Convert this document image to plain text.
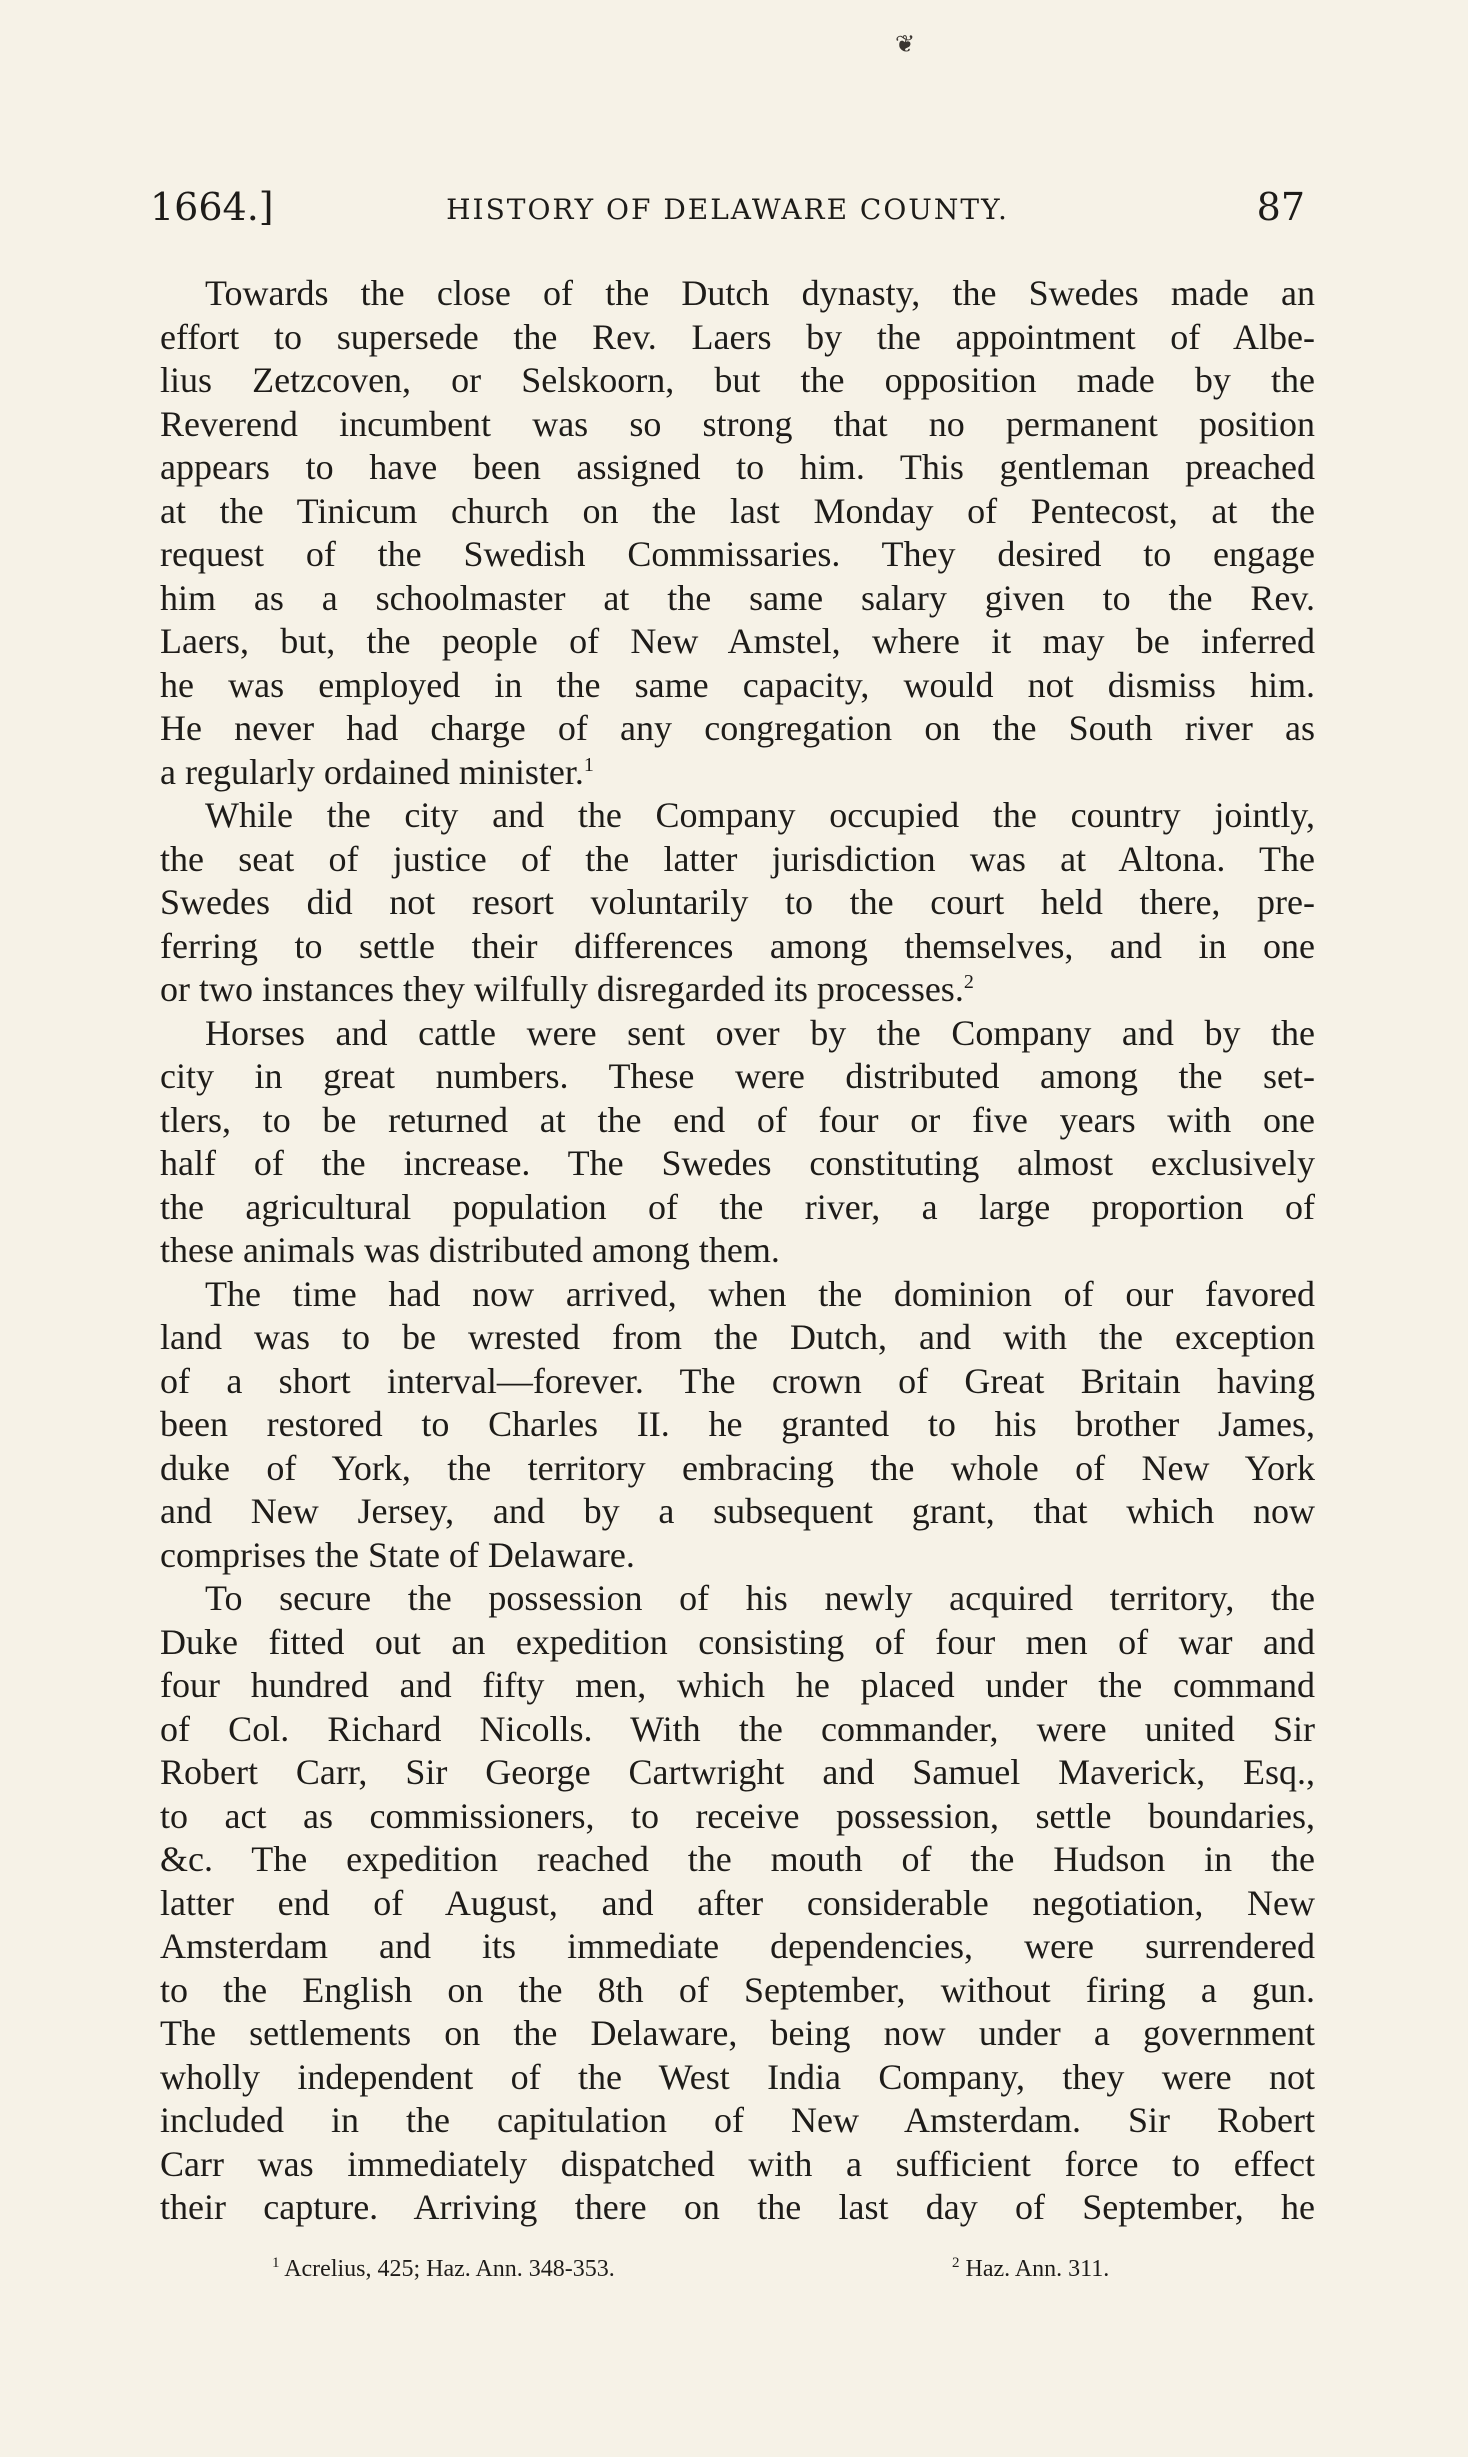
❦
1664.]	HISTORY OF DELAWARE COUNTY.	87
Towards the close of the Dutch dynasty, the Swedes made an
effort to supersede the Rev. Laers by the appointment of Albe-
lius Zetzcoven, or Selskoorn, but the opposition made by the
Reverend incumbent was so strong that no permanent position
appears to have been assigned to him. This gentleman preached
at the Tinicum church on the last Monday of Pentecost, at the
request of the Swedish Commissaries. They desired to engage
him as a schoolmaster at the same salary given to the Rev.
Laers, but, the people of New Amstel, where it may be inferred
he was employed in the same capacity, would not dismiss him.
He never had charge of any congregation on the South river as
a regularly ordained minister.$^1$
While the city and the Company occupied the country jointly,
the seat of justice of the latter jurisdiction was at Altona. The
Swedes did not resort voluntarily to the court held there, pre-
ferring to settle their differences among themselves, and in one
or two instances they wilfully disregarded its processes.$^2$
Horses and cattle were sent over by the Company and by the
city in great numbers. These were distributed among the set-
tlers, to be returned at the end of four or five years with one
half of the increase. The Swedes constituting almost exclusively
the agricultural population of the river, a large proportion of
these animals was distributed among them.
The time had now arrived, when the dominion of our favored
land was to be wrested from the Dutch, and with the exception
of a short interval—forever. The crown of Great Britain having
been restored to Charles II. he granted to his brother James,
duke of York, the territory embracing the whole of New York
and New Jersey, and by a subsequent grant, that which now
comprises the State of Delaware.
To secure the possession of his newly acquired territory, the
Duke fitted out an expedition consisting of four men of war and
four hundred and fifty men, which he placed under the command
of Col. Richard Nicolls. With the commander, were united Sir
Robert Carr, Sir George Cartwright and Samuel Maverick, Esq.,
to act as commissioners, to receive possession, settle boundaries,
&c. The expedition reached the mouth of the Hudson in the
latter end of August, and after considerable negotiation, New
Amsterdam and its immediate dependencies, were surrendered
to the English on the 8th of September, without firing a gun.
The settlements on the Delaware, being now under a government
wholly independent of the West India Company, they were not
included in the capitulation of New Amsterdam. Sir Robert
Carr was immediately dispatched with a sufficient force to effect
their capture. Arriving there on the last day of September, he
$^1$ Acrelius, 425; Haz. Ann. 348-353.	$^2$ Haz. Ann. 311.
